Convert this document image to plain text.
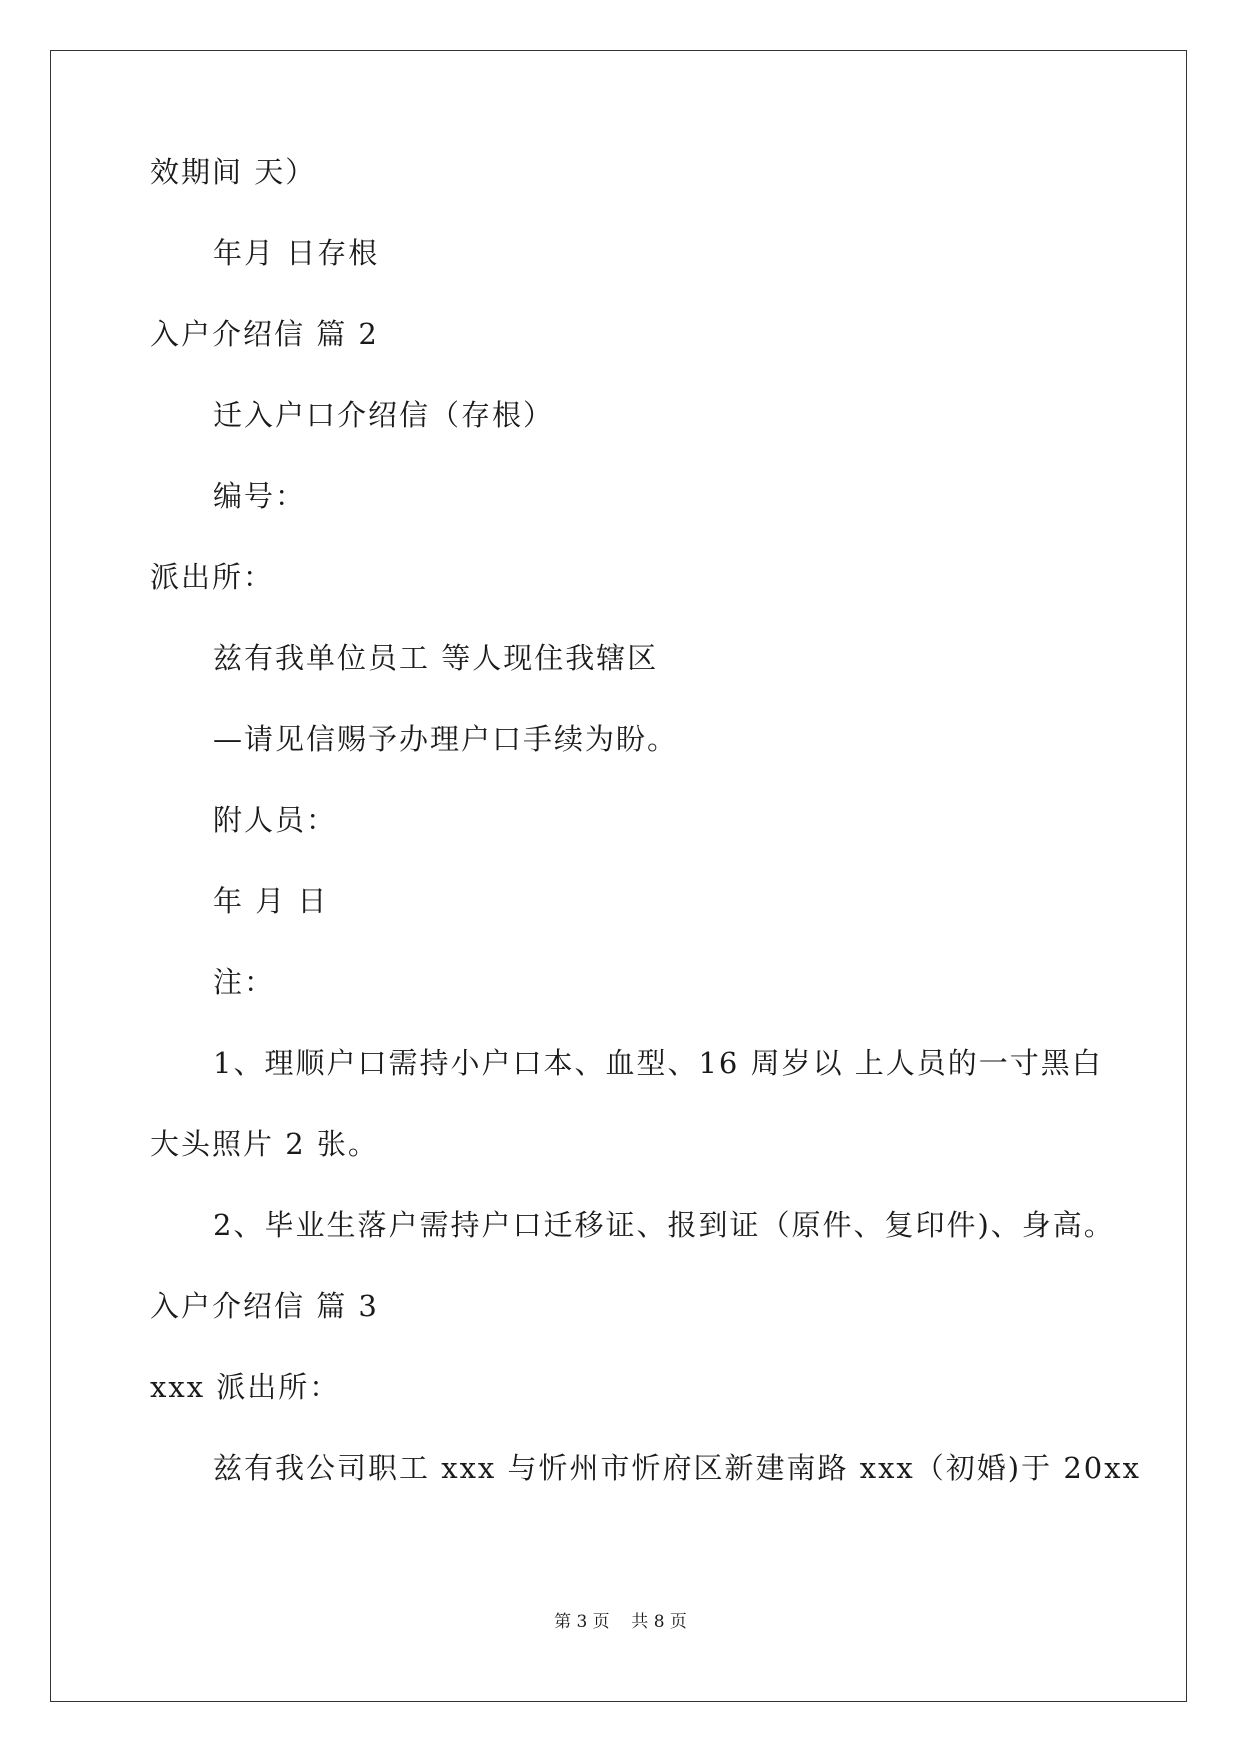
效期间 天）
年月 日存根
入户介绍信 篇 2
迁入户口介绍信（存根）
编号：
派出所：
兹有我单位员工 等人现住我辖区
—请见信赐予办理户口手续为盼。
附人员：
年 月 日
注：
1、理顺户口需持小户口本、血型、16 周岁以 上人员的一寸黑白
大头照片 2 张。
2、毕业生落户需持户口迁移证、报到证（原件、复印件)、身高。
入户介绍信 篇 3
xxx 派出所：
兹有我公司职工 xxx 与忻州市忻府区新建南路 xxx（初婚)于 20xx
第 3 页    共 8 页
